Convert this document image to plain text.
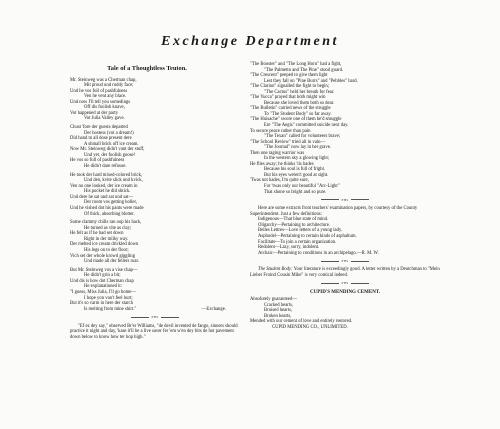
Exchange Department
Tale of a Thoughtless Teuton.
Mr. Steinweg was a Cherman chap,
Mit proud und ruddy face;
Und he vos full of pashfulness
Ven he vent any blace.
Und now I'll tell you somedings
Off dis foolish knave,
Vot happened at der party
Vot Julia Valley gave.
Chust 'fore der guests departed
Der hostess (vot a dream!)
Did hand to all dose present dere
A shmall brick off ice cream.
Now Mr. Steinweg didn't vant der stuff,
Und yet, der foolish goose!
He vos so full of pashfulness
He didn't dare refouse.
He took der hard mixed-colored brick,
Und den, kvite slick und kvick,
Ven no one looked, der ice cream in
His pocket he did shtick.
Und dere he sat und sat und sat—
Der room vos getting holler,
Und he vished dot his pants were made
Of thick, absorbing blotter.
Some clammy chills ran oop his back,
He turned as vite as clay;
He felt as if he had set down
Right in der milky way.
Der melted ice cream drickled down
His legs on to der floor;
Vich set der whole krowd giggling
Und made all der fellers roar.
But Mr. Steinweg vos a vise chap—
He didn't grin a bit;
Und dis is how dot Cherman chap
He explanationed it:
"I guess, Miss Julia, I'll go home—
I hope yon von't feel hurt;
But it's so varm in here der starch
Is melting from mine shirt."	—Exchange.
PHS

"Ef ez dey say," observed Br'er Williams, "de devil invented de fango, sinners should practice it night and day, 'kase it'll be a live saver fer 'em w'en dey bits de hot pavement down below to know how ter hop high."

"The Booster" and "The Long Horn" had a fight,
"The Palmetto and The Pine" stood guard.
"The Crescent" peeped to give them light
Lest they fall on "Pine Burrs" and "Pebbles" hard.
"The Clarion" signalled the fight to begin;
"The Cactus" held her breath for fear.
"The Yucca" prayed that both might win
Because she loved them both so dear.
"The Bulletin" carried news of the struggle
To "The Student Body" so far away.
"The Huisache" swore one of them he'd smuggle
Ere "The Aegis" committed suicide next day.
To secure peace rather than pain
"The Texan" called for volunteers brave;
"The School Review" tried all in vain—
"The Journal" now lay in her grave.
Then one raging warrior was
In the western sky a glowing light;
He flies away; he thinks 'tis hades
Because his soul is full of fright.
But his eyes weren't good at sight.
'Twas not hades, I'm quite sure,
For 'twas only our beautiful "Arc-Light"
That shone so bright and so pure.
PHS

Here are some extracts from teachers' examination papers, by courtesy of the County Superintendent. Just a few definitions:

Indigenous—That blue state of mind.

Oligarchy—Pertaining to architecture.

Belles Lettres—Love letters of a young lady.

Asphodel—Pertaining to certain kinds of asphaltum.

Facilitate—To join a certain organization.

Redolent—Lazy, sorry, indolent.

Archaic—Pertaining to conditions in an archipelago.—R. M. W.

PHS

The Student Body: Your literature is exceedingly good. A letter written by a Deutchman to "Mein Lieber Froind Cousin Mike" is very comical indeed.

PHS
CUPID'S MENDING CEMENT.

Absolutely guaranteed—

Cracked hearts,

Bruised hearts,

Broken hearts,

Mended with our cement of love and entirely restored.

CUPID MENDING CO., UNLIMITED.
